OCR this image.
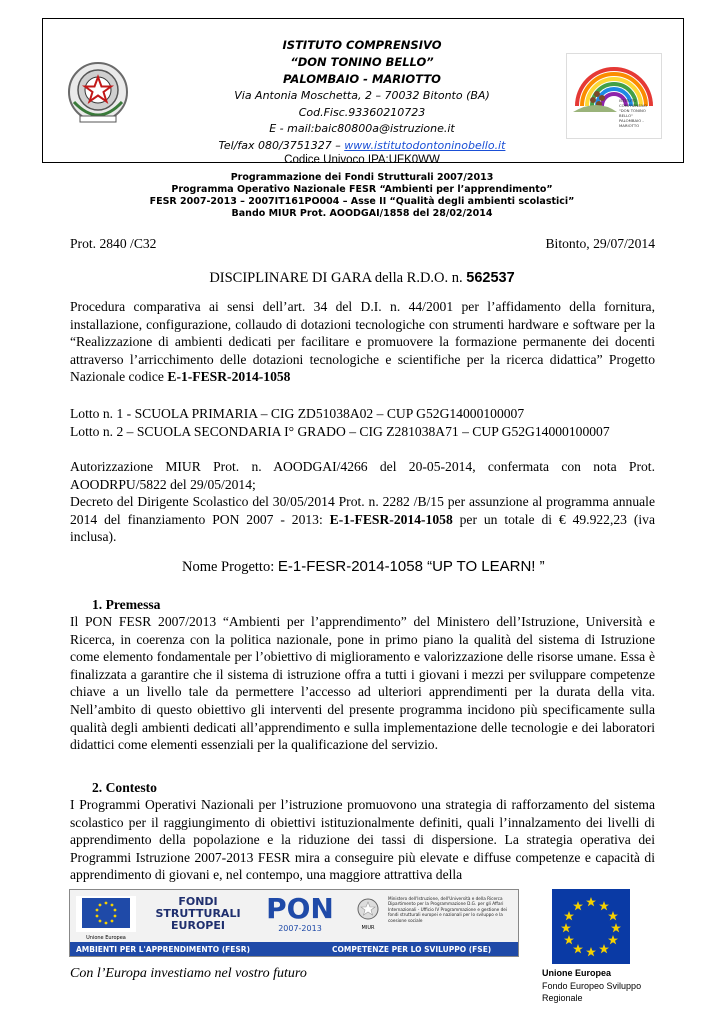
ISTITUTO COMPRENSIVO
"DON TONINO BELLO"
PALOMBAIO - MARIOTTO
ISTITUTO COMPRENSIVO
“DON TONINO BELLO”
PALOMBAIO - MARIOTTO
Via Antonia Moschetta, 2 – 70032 Bitonto (BA)
Cod.Fisc.93360210723
E - mail:baic80800a@istruzione.it
Tel/fax 080/3751327 – www.istitutodontoninobello.it
Codice Univoco IPA:UFK0WW
Programmazione dei Fondi Strutturali 2007/2013
Programma Operativo Nazionale FESR “Ambienti per l’apprendimento”
FESR 2007-2013 – 2007IT161PO004 – Asse II “Qualità degli ambienti scolastici”
Bando MIUR Prot. AOODGAI/1858 del 28/02/2014
Prot. 2840 /C32	Bitonto, 29/07/2014
DISCIPLINARE DI GARA della R.D.O. n. 562537

Procedura comparativa ai sensi dell’art. 34 del D.I. n. 44/2001 per l’affidamento della fornitura, installazione, configurazione, collaudo di dotazioni tecnologiche con strumenti hardware e software per la “Realizzazione di ambienti dedicati per facilitare e promuovere la formazione permanente dei docenti attraverso l’arricchimento delle dotazioni tecnologiche e scientifiche per la ricerca didattica” Progetto Nazionale codice E-1-FESR-2014-1058

Lotto n. 1 - SCUOLA PRIMARIA – CIG ZD51038A02 – CUP G52G14000100007
Lotto n. 2 – SCUOLA SECONDARIA I° GRADO – CIG Z281038A71 – CUP G52G14000100007

Autorizzazione MIUR Prot. n. AOODGAI/4266 del 20-05-2014, confermata con nota Prot. AOODRPU/5822 del 29/05/2014;

Decreto del Dirigente Scolastico del 30/05/2014 Prot. n. 2282 /B/15 per assunzione al programma annuale 2014 del finanziamento PON 2007 - 2013: E-1-FESR-2014-1058 per un totale di € 49.922,23 (iva inclusa).

Nome Progetto: E-1-FESR-2014-1058 “UP TO LEARN! ”
1. Premessa

Il PON FESR 2007/2013 “Ambienti per l’apprendimento” del Ministero dell’Istruzione, Università e Ricerca, in coerenza con la politica nazionale, pone in primo piano la qualità del sistema di Istruzione come elemento fondamentale per l’obiettivo di miglioramento e valorizzazione delle risorse umane. Essa è finalizzata a garantire che il sistema di istruzione offra a tutti i giovani i mezzi per sviluppare competenze chiave a un livello tale da permettere l’accesso ad ulteriori apprendimenti per la durata della vita. Nell’ambito di questo obiettivo gli interventi del presente programma incidono più specificamente sulla qualità degli ambienti dedicati all’apprendimento e sulla implementazione delle tecnologie e dei laboratori didattici come elementi essenziali per la qualificazione del servizio.

2. Contesto

I Programmi Operativi Nazionali per l’istruzione promuovono una strategia di rafforzamento del sistema scolastico per il raggiungimento di obiettivi istituzionalmente definiti, quali l’innalzamento dei livelli di apprendimento della popolazione e la riduzione dei tassi di dispersione. La strategia operativa dei Programmi Istruzione 2007-2013 FESR mira a conseguire più elevate e diffuse competenze e capacità di apprendimento di giovani e, nel contempo, una maggiore attrattiva della

Unione Europea
FONDI
STRUTTURALI
EUROPEI
PON
2007-2013	MIUR
Ministero dell'Istruzione, dell'Università e della Ricerca Dipartimento per la Programmazione D.G. per gli Affari Internazionali - Ufficio IV Programmazione e gestione dei fondi strutturali europei e nazionali per lo sviluppo e la coesione sociale
AMBIENTI PER L'APPRENDIMENTO (FESR)	COMPETENZE PER LO SVILUPPO (FSE)
Con l’Europa investiamo nel vostro futuro	Unione Europea
Fondo Europeo Sviluppo
Regionale
